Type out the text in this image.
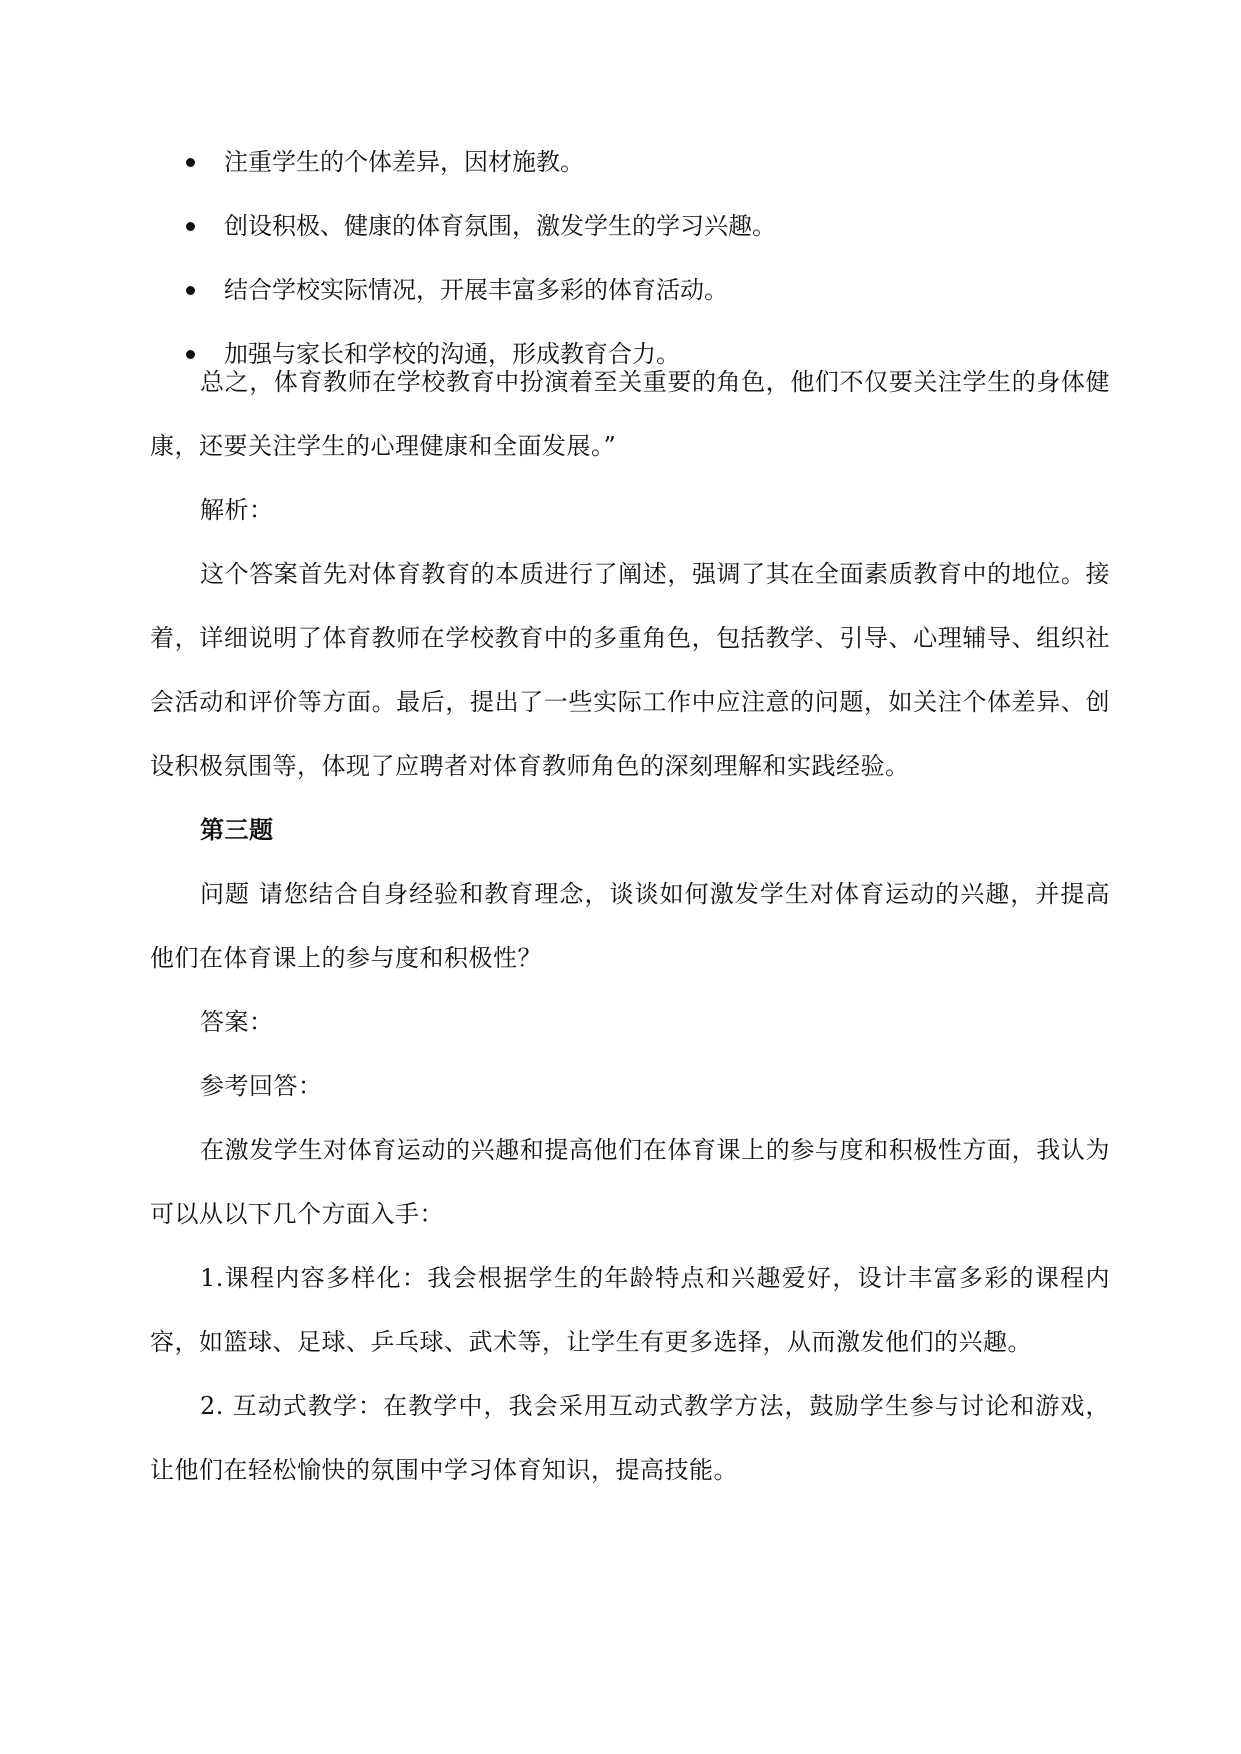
注重学生的个体差异，因材施教。
创设积极、健康的体育氛围，激发学生的学习兴趣。
结合学校实际情况，开展丰富多彩的体育活动。
加强与家长和学校的沟通，形成教育合力。

总之，体育教师在学校教育中扮演着至关重要的角色，他们不仅要关注学生的身体健康，还要关注学生的心理健康和全面发展。”

解析：

这个答案首先对体育教育的本质进行了阐述，强调了其在全面素质教育中的地位。接着，详细说明了体育教师在学校教育中的多重角色，包括教学、引导、心理辅导、组织社会活动和评价等方面。最后，提出了一些实际工作中应注意的问题，如关注个体差异、创设积极氛围等，体现了应聘者对体育教师角色的深刻理解和实践经验。

第三题

问题 请您结合自身经验和教育理念，谈谈如何激发学生对体育运动的兴趣，并提高他们在体育课上的参与度和积极性？

答案：

参考回答：

在激发学生对体育运动的兴趣和提高他们在体育课上的参与度和积极性方面，我认为可以从以下几个方面入手：

1.课程内容多样化：我会根据学生的年龄特点和兴趣爱好，设计丰富多彩的课程内容，如篮球、足球、乒乓球、武术等，让学生有更多选择，从而激发他们的兴趣。

2. 互动式教学：在教学中，我会采用互动式教学方法，鼓励学生参与讨论和游戏，让他们在轻松愉快的氛围中学习体育知识，提高技能。
